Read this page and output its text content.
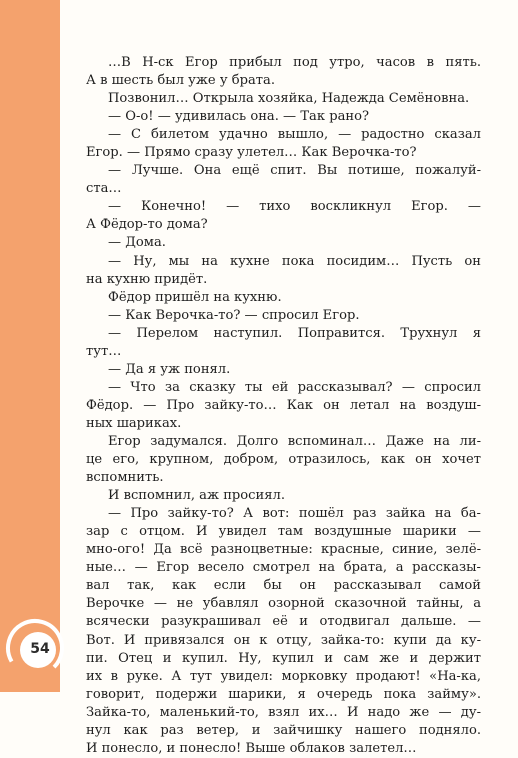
54
…В Н-ск Егор прибыл под утро, часов в пять.
А в шесть был уже у брата.
Позвонил… Открыла хозяйка, Надежда Семёновна.
— О-о! — удивилась она. — Так рано?
— С билетом удачно вышло, — радостно сказал
Егор. — Прямо сразу улетел… Как Верочка-то?
— Лучше. Она ещё спит. Вы потише, пожалуй-
ста…
— Конечно! — тихо воскликнул Егор. —
А Фёдор-то дома?
— Дома.
— Ну, мы на кухне пока посидим… Пусть он
на кухню придёт.
Фёдор пришёл на кухню.
— Как Верочка-то? — спросил Егор.
— Перелом наступил. Поправится. Трухнул я
тут…
— Да я уж понял.
— Что за сказку ты ей рассказывал? — спросил
Фёдор. — Про зайку-то… Как он летал на воздуш-
ных шариках.
Егор задумался. Долго вспоминал… Даже на ли-
це его, крупном, добром, отразилось, как он хочет
вспомнить.
И вспомнил, аж просиял.
— Про зайку-то? А вот: пошёл раз зайка на ба-
зар с отцом. И увидел там воздушные шарики —
мно-ого! Да всё разноцветные: красные, синие, зелё-
ные… — Егор весело смотрел на брата, а рассказы-
вал так, как если бы он рассказывал самой
Верочке — не убавлял озорной сказочной тайны, а
всячески разукрашивал её и отодвигал дальше. —
Вот. И привязался он к отцу, зайка-то: купи да ку-
пи. Отец и купил. Ну, купил и сам же и держит
их в руке. А тут увидел: морковку продают! «На-ка,
говорит, подержи шарики, я очередь пока займу».
Зайка-то, маленький-то, взял их… И надо же — ду-
нул как раз ветер, и зайчишку нашего подняло.
И понесло, и понесло! Выше облаков залетел…
